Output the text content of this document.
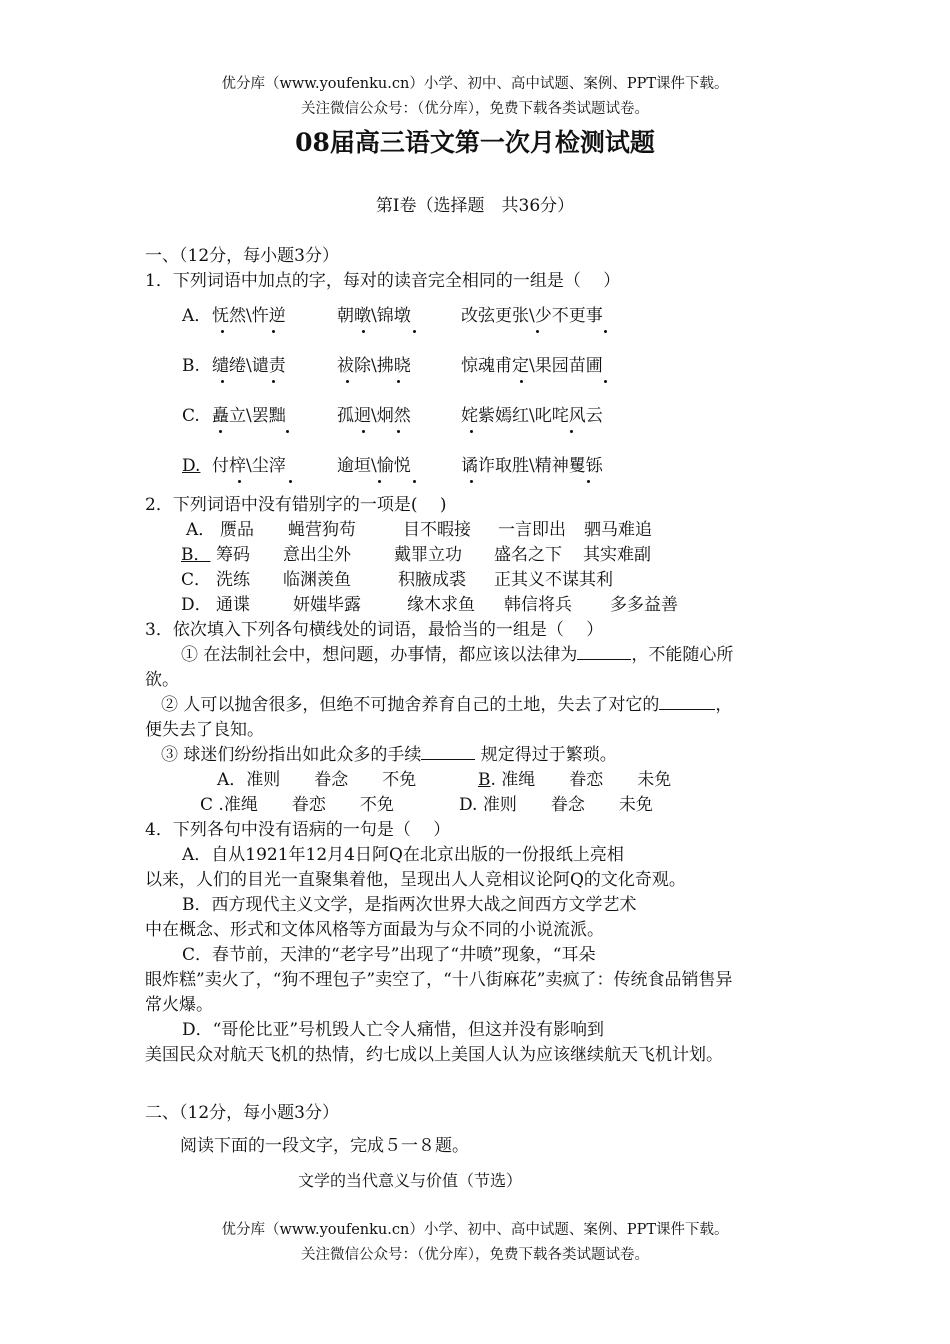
优分库（www.youfenku.cn）小学、初中、高中试题、案例、PPT课件下载。
关注微信公众号：（优分库），免费下载各类试题试卷。
08届高三语文第一次月检测试题
第Ⅰ卷（选择题　共36分）
一、（12分，每小题3分）
1．下列词语中加点的字，每对的读音完全相同的一组是（　 ）
A． 怃然\忤逆	朝暾\锦墩	改弦更张\少不更事
B. 缱绻\谴责	祓除\拂晓	惊魂甫定\果园苗圃
C. 矗立\罢黜	孤迥\炯然	姹紫嫣红\叱咤风云
D. 付梓\尘滓	逾垣\愉悦	谲诈取胜\精神矍铄
2．下列词语中没有错别字的一项是(　 )
A． 赝品 蝇营狗苟	目不暇接 一言即出 驷马难追
B． 筹码 意出尘外	戴罪立功 盛名之下 其实难副
C． 洗练 临渊羡鱼	积腋成裘 正其义不谋其利
D． 通谍	妍媸毕露	缘木求鱼 韩信将兵 多多益善
3．依次填入下列各句横线处的词语，最恰当的一组是（　 ）
① 在法制社会中，想问题，办事情，都应该以法律为	，不能随心所
欲。
② 人可以抛舍很多，但绝不可抛舍养育自己的土地，失去了对它的	，
便失去了良知。
③ 球迷们纷纷指出如此众多的手续	规定得过于繁琐。
A．准则　　眷念　　不免	B. 准绳　　眷恋　　未免
C .准绳　　眷恋　　不免	D. 准则　　眷念　　未免
4．下列各句中没有语病的一句是（　 ）
A．自从1921年12月4日阿Q在北京出版的一份报纸上亮相
以来，人们的目光一直聚集着他，呈现出人人竞相议论阿Q的文化奇观。
B．西方现代主义文学，是指两次世界大战之间西方文学艺术
中在概念、形式和文体风格等方面最为与众不同的小说流派。
C．春节前，天津的“老字号”出现了“井喷”现象，“耳朵
眼炸糕”卖火了，“狗不理包子”卖空了，“十八街麻花”卖疯了：传统食品销售异
常火爆。
D．“哥伦比亚”号机毁人亡令人痛惜，但这并没有影响到
美国民众对航天飞机的热情，约七成以上美国人认为应该继续航天飞机计划。
二、（12分，每小题3分）
阅读下面的一段文字，完成５一８题。
文学的当代意义与价值（节选）
优分库（www.youfenku.cn）小学、初中、高中试题、案例、PPT课件下载。
关注微信公众号：（优分库），免费下载各类试题试卷。
